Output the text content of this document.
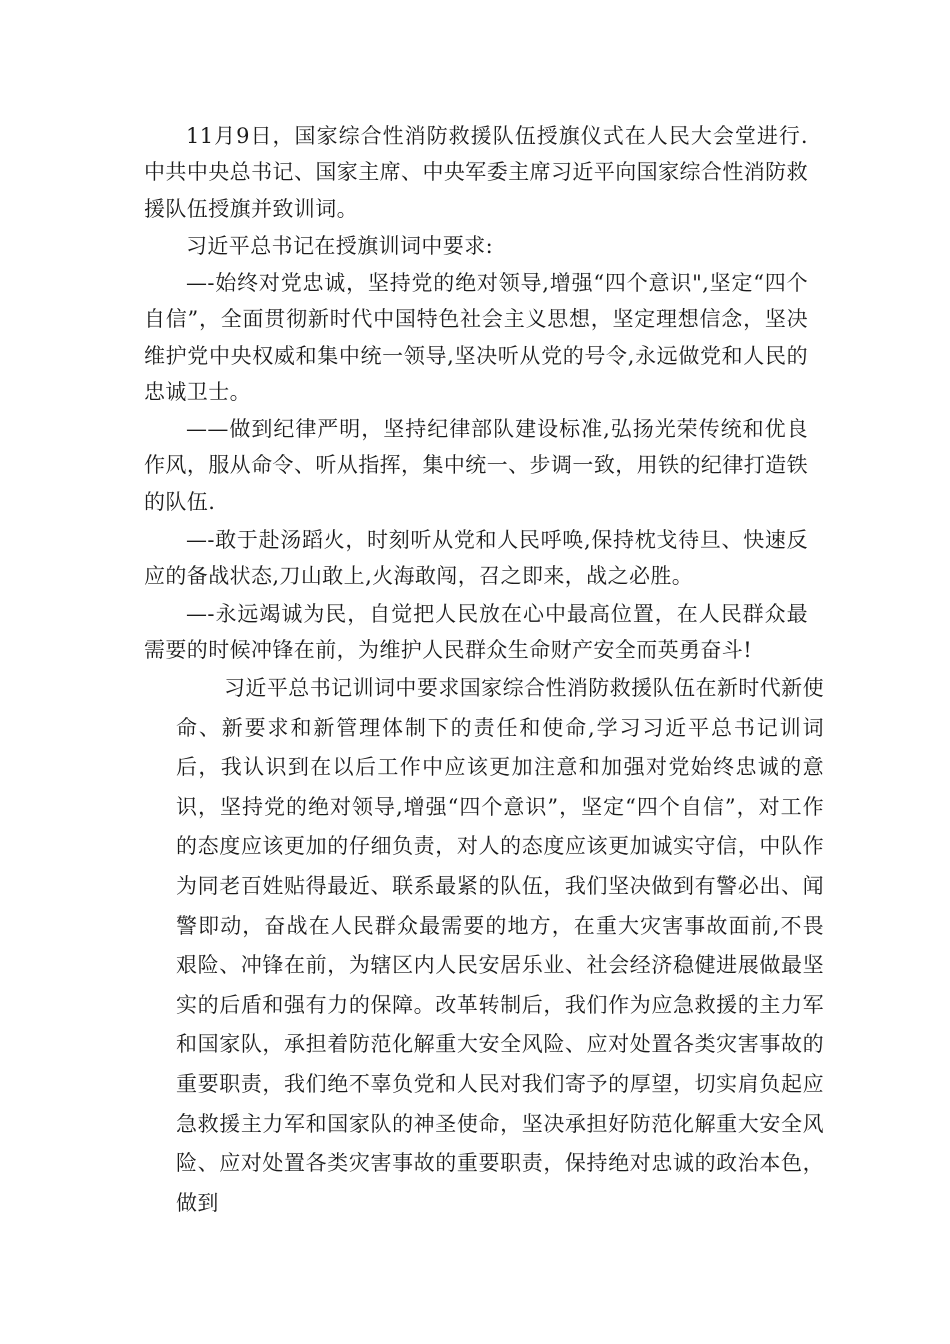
11月9日，国家综合性消防救援队伍授旗仪式在人民大会堂进行.中共中央总书记、国家主席、中央军委主席习近平向国家综合性消防救援队伍授旗并致训词。

习近平总书记在授旗训词中要求:

—-始终对党忠诚，坚持党的绝对领导,增强“四个意识",坚定“四个自信”，全面贯彻新时代中国特色社会主义思想，坚定理想信念，坚决维护党中央权威和集中统一领导,坚决听从党的号令,永远做党和人民的忠诚卫士。

——做到纪律严明，坚持纪律部队建设标准,弘扬光荣传统和优良作风，服从命令、听从指挥，集中统一、步调一致，用铁的纪律打造铁的队伍.

—-敢于赴汤蹈火，时刻听从党和人民呼唤,保持枕戈待旦、快速反应的备战状态,刀山敢上,火海敢闯，召之即来，战之必胜。

—-永远竭诚为民，自觉把人民放在心中最高位置，在人民群众最需要的时候冲锋在前，为维护人民群众生命财产安全而英勇奋斗!

习近平总书记训词中要求国家综合性消防救援队伍在新时代新使命、新要求和新管理体制下的责任和使命,学习习近平总书记训词后，我认识到在以后工作中应该更加注意和加强对党始终忠诚的意识，坚持党的绝对领导,增强“四个意识”，坚定“四个自信”，对工作的态度应该更加的仔细负责，对人的态度应该更加诚实守信，中队作为同老百姓贴得最近、联系最紧的队伍，我们坚决做到有警必出、闻警即动，奋战在人民群众最需要的地方，在重大灾害事故面前,不畏艰险、冲锋在前，为辖区内人民安居乐业、社会经济稳健进展做最坚实的后盾和强有力的保障。改革转制后，我们作为应急救援的主力军和国家队，承担着防范化解重大安全风险、应对处置各类灾害事故的重要职责，我们绝不辜负党和人民对我们寄予的厚望，切实肩负起应急救援主力军和国家队的神圣使命，坚决承担好防范化解重大安全风险、应对处置各类灾害事故的重要职责，保持绝对忠诚的政治本色，做到
